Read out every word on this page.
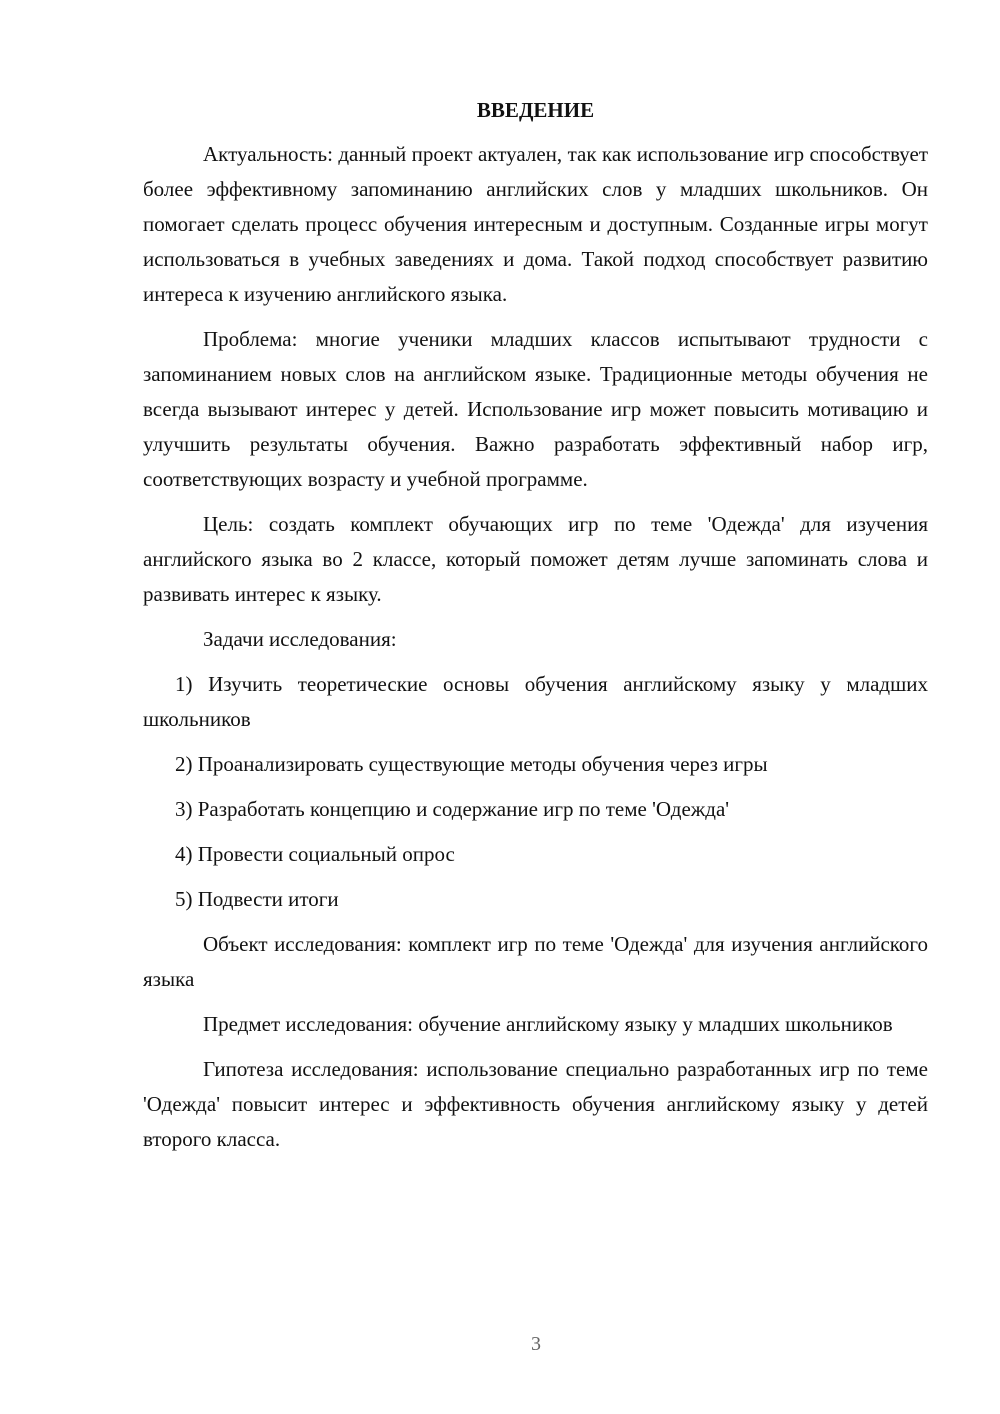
ВВЕДЕНИЕ

Актуальность: данный проект актуален, так как использование игр способствует более эффективному запоминанию английских слов у младших школьников. Он помогает сделать процесс обучения интересным и доступным. Созданные игры могут использоваться в учебных заведениях и дома. Такой подход способствует развитию интереса к изучению английского языка.

Проблема: многие ученики младших классов испытывают трудности с запоминанием новых слов на английском языке. Традиционные методы обучения не всегда вызывают интерес у детей. Использование игр может повысить мотивацию и улучшить результаты обучения. Важно разработать эффективный набор игр, соответствующих возрасту и учебной программе.

Цель: создать комплект обучающих игр по теме 'Одежда' для изучения английского языка во 2 классе, который поможет детям лучше запоминать слова и развивать интерес к языку.

Задачи исследования:

1) Изучить теоретические основы обучения английскому языку у младших школьников

2) Проанализировать существующие методы обучения через игры

3) Разработать концепцию и содержание игр по теме 'Одежда'

4) Провести социальный опрос

5) Подвести итоги

Объект исследования: комплект игр по теме 'Одежда' для изучения английского языка

Предмет исследования: обучение английскому языку у младших школьников

Гипотеза исследования: использование специально разработанных игр по теме 'Одежда' повысит интерес и эффективность обучения английскому языку у детей второго класса.

3
